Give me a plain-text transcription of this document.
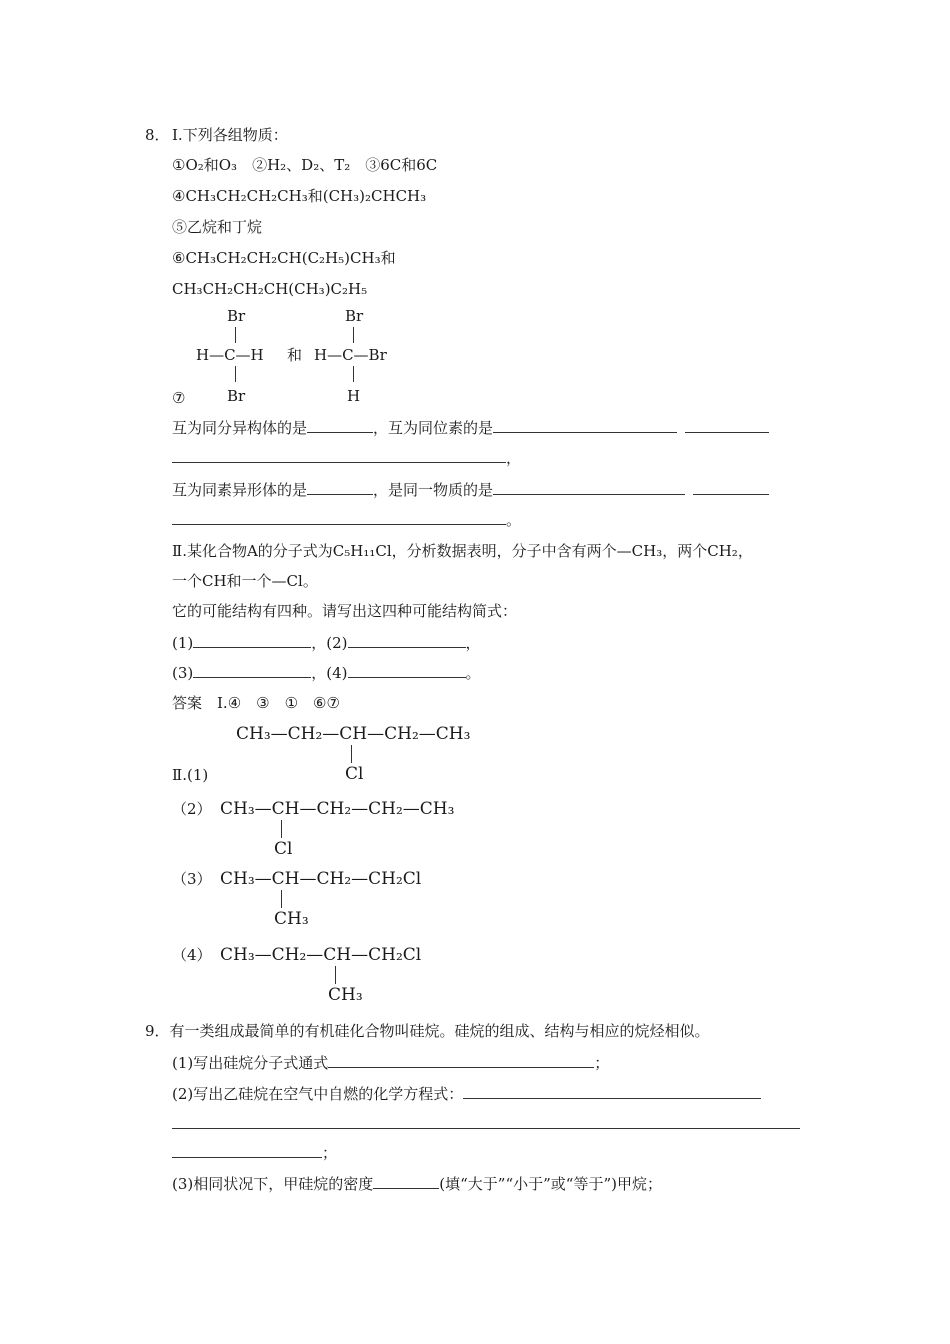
8． Ⅰ.下列各组物质：
①O₂和O₃　②H₂、D₂、T₂　③6C和6C
④CH₃CH₂CH₂CH₃和(CH₃)₂CHCH₃
⑤乙烷和丁烷
⑥CH₃CH₂CH₂CH(C₂H₅)CH₃和
CH₃CH₂CH₂CH(CH₃)C₂H₅
Br
H—C—H
Br
和
Br
H—C—Br
H
⑦
互为同分异构体的是	，互为同位素的是
，
互为同素异形体的是	，是同一物质的是
。
Ⅱ.某化合物A的分子式为C₅H₁₁Cl，分析数据表明，分子中含有两个—CH₃，两个CH₂，
一个CH和一个—Cl。
它的可能结构有四种。请写出这四种可能结构简式：
(1)	，(2)	，
(3)	，(4)	。
答案　Ⅰ.④　③　①　⑥⑦
CH₃—CH₂—CH—CH₂—CH₃
Cl
Ⅱ.(1)
（2） CH₃—CH—CH₂—CH₂—CH₃
Cl
（3） CH₃—CH—CH₂—CH₂Cl
CH₃
（4） CH₃—CH₂—CH—CH₂Cl
CH₃
9．有一类组成最简单的有机硅化合物叫硅烷。硅烷的组成、结构与相应的烷烃相似。
(1)写出硅烷分子式通式	；
(2)写出乙硅烷在空气中自燃的化学方程式：
；
(3)相同状况下，甲硅烷的密度	(填“大于”“小于”或“等于”)甲烷；
